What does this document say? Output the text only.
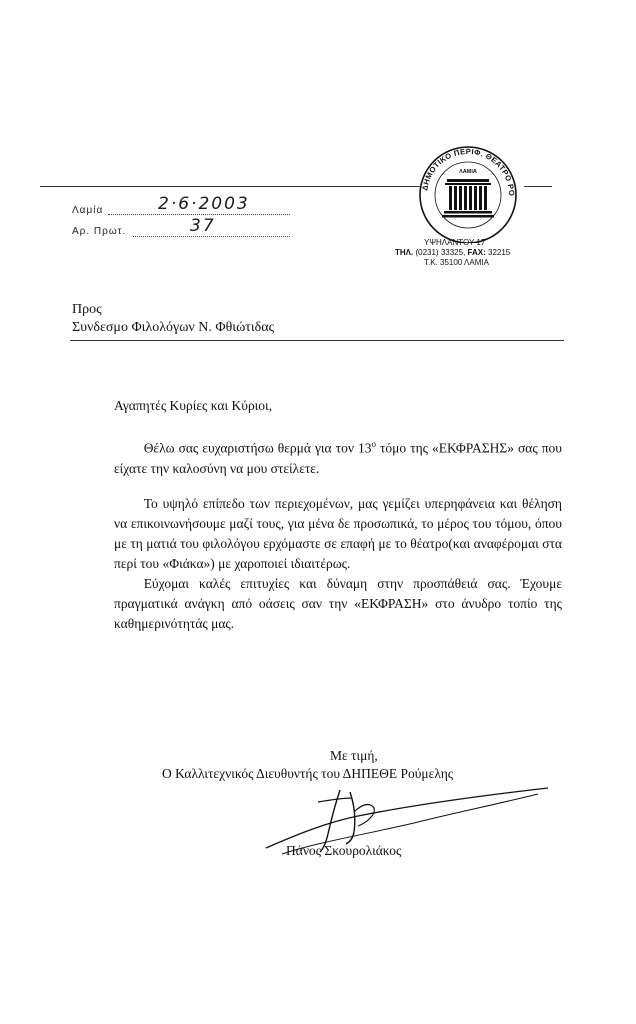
Λαμία	2·6·2003
Αρ. Πρωτ.	37
ΔΗΜΟΤΙΚΟ ΠΕΡΙΦ. ΘΕΑΤΡΟ ΡΟ
ΛΑΜΙΑ
ΥΨΗΛΑΝΤΟΥ 17
ΤΗΛ. (0231) 33325, FAX: 32215
Τ.Κ. 35100 ΛΑΜΙΑ
Προς
Συνδεσμο Φιλολόγων Ν. Φθιώτιδας
Αγαπητές Κυρίες και Κύριοι,
Θέλω σας ευχαριστήσω θερμά για τον $13^o$ τόμο της «ΕΚΦΡΑΣΗΣ» σας που είχατε την καλοσύνη να μου στείλετε.
Το υψηλό επίπεδο των περιεχομένων, μας γεμίζει υπερηφάνεια και θέληση να επικοινωνήσουμε μαζί τους, για μένα δε προσωπικά, το μέρος του τόμου, όπου με τη ματιά του φιλολόγου ερχόμαστε σε επαφή με το θέατρο(και αναφέρομαι στα περί του «Φιάκα») με χαροποιεί ιδιαιτέρως.
Εύχομαι καλές επιτυχίες και δύναμη στην προσπάθειά σας. Έχουμε πραγματικά ανάγκη από οάσεις σαν την «ΕΚΦΡΑΣΗ» στο άνυδρο τοπίο της καθημερινότητάς μας.
Με τιμή,
Ο Καλλιτεχνικός Διευθυντής του ΔΗΠΕΘΕ Ρούμελης
Πάνος Σκουρολιάκος
